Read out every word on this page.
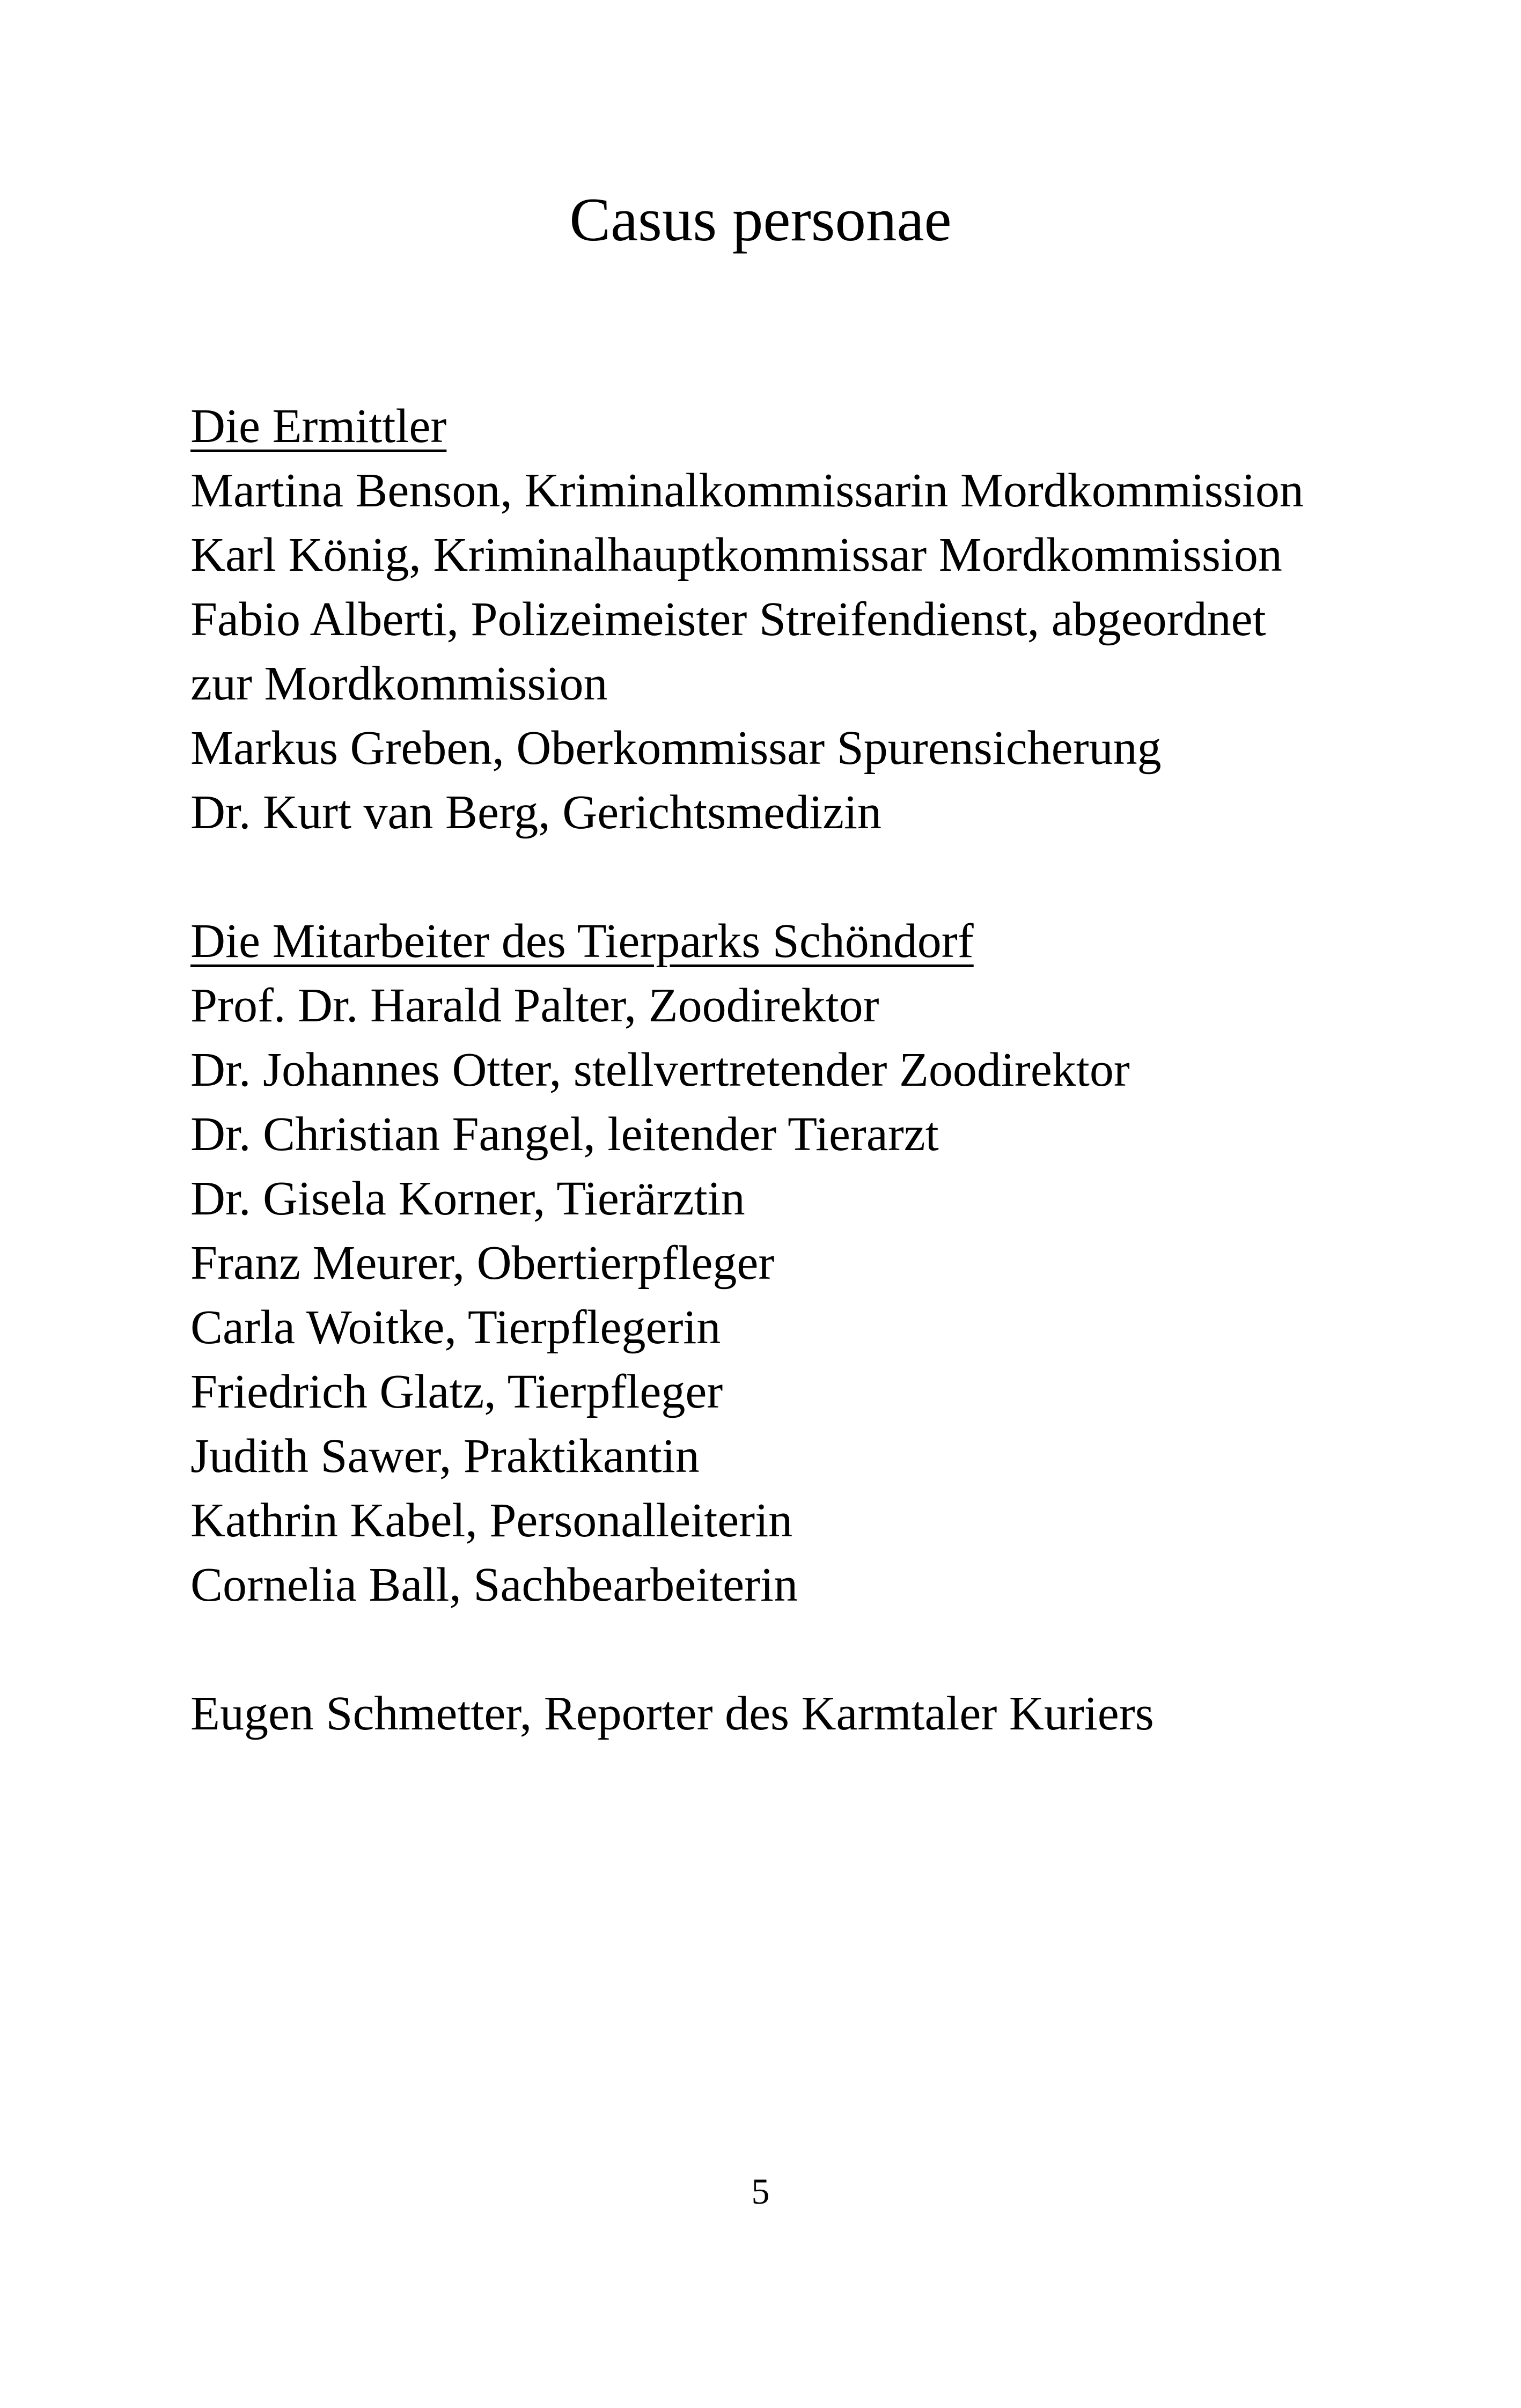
Casus personae
Die Ermittler
Martina Benson, Kriminalkommissarin Mordkommission
Karl König, Kriminalhauptkommissar Mordkommission
Fabio Alberti, Polizeimeister Streifendienst, abgeordnet
zur Mordkommission
Markus Greben, Oberkommissar Spurensicherung
Dr. Kurt van Berg, Gerichtsmedizin
Die Mitarbeiter des Tierparks Schöndorf
Prof. Dr. Harald Palter, Zoodirektor
Dr. Johannes Otter, stellvertretender Zoodirektor
Dr. Christian Fangel, leitender Tierarzt
Dr. Gisela Korner, Tierärztin
Franz Meurer, Obertierpfleger
Carla Woitke, Tierpflegerin
Friedrich Glatz, Tierpfleger
Judith Sawer, Praktikantin
Kathrin Kabel, Personalleiterin
Cornelia Ball, Sachbearbeiterin
Eugen Schmetter, Reporter des Karmtaler Kuriers
5
